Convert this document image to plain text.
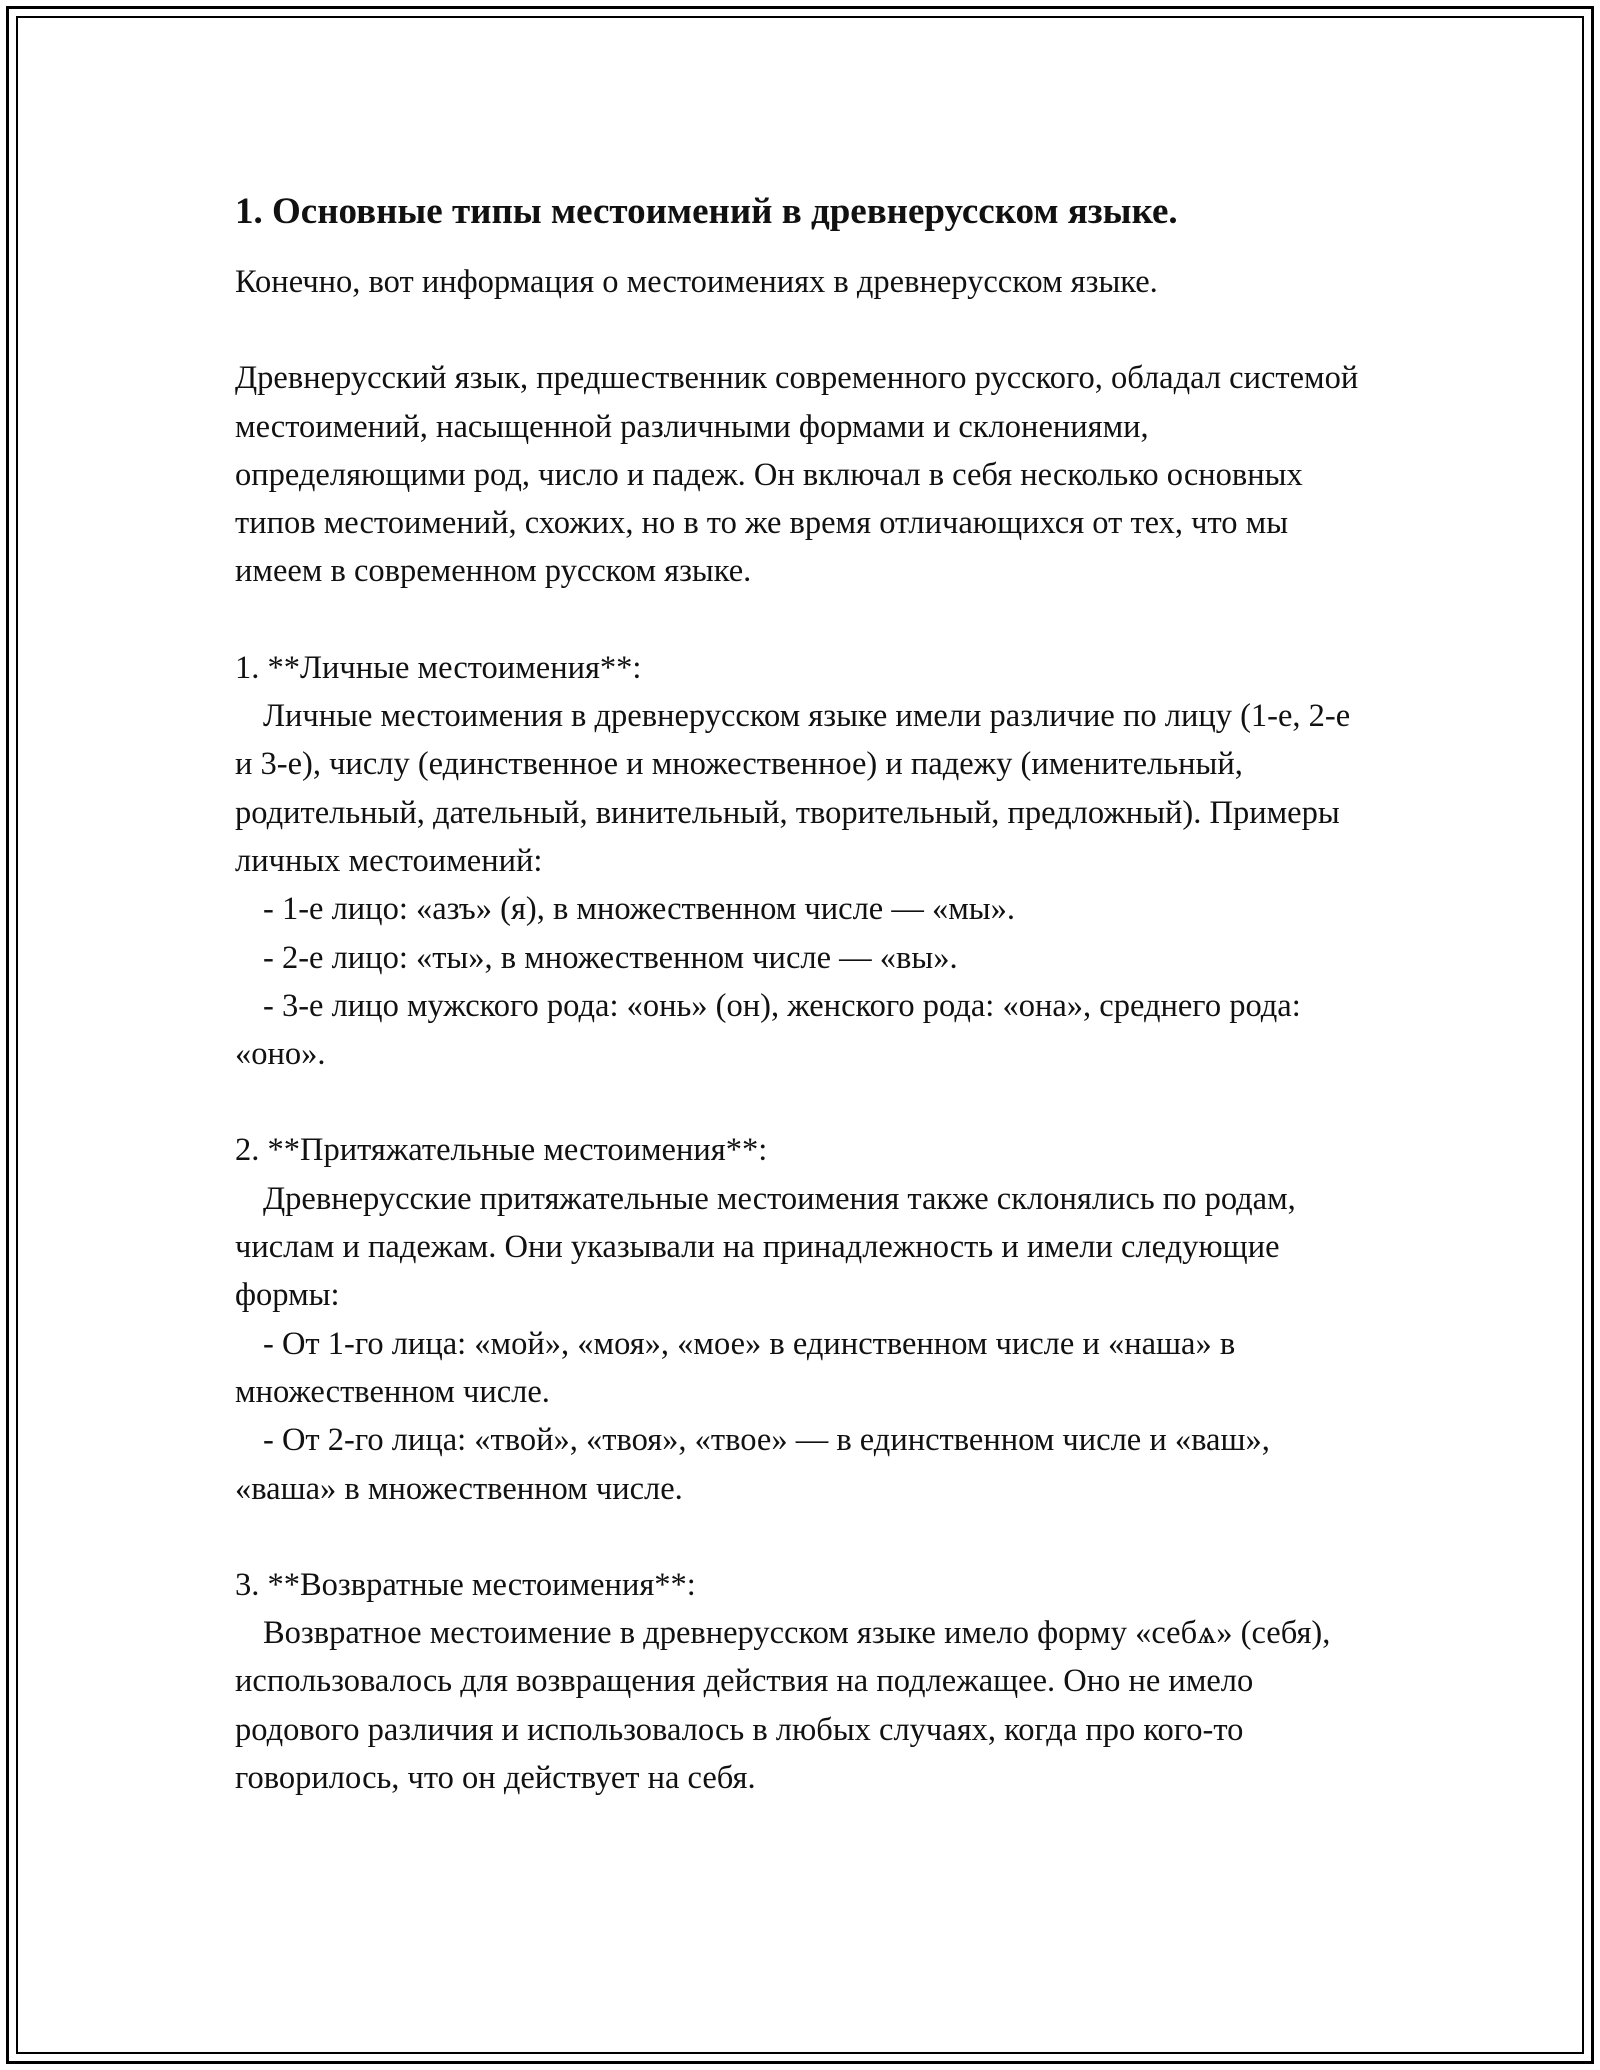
1. Основные типы местоимений в древнерусском языке.

Конечно, вот информация о местоимениях в древнерусском языке.

Древнерусский язык, предшественник современного русского, обладал системой местоимений, насыщенной различными формами и склонениями, определяющими род, число и падеж. Он включал в себя несколько основных типов местоимений, схожих, но в то же время отличающихся от тех, что мы имеем в современном русском языке.

1. **Личные местоимения**:
Личные местоимения в древнерусском языке имели различие по лицу (1-е, 2-е и 3-е), числу (единственное и множественное) и падежу (именительный, родительный, дательный, винительный, творительный, предложный). Примеры личных местоимений:
- 1-е лицо: «азъ» (я), в множественном числе — «мы».
- 2-е лицо: «ты», в множественном числе — «вы».
- 3-е лицо мужского рода: «онь» (он), женского рода: «она», среднего рода: «оно».
2. **Притяжательные местоимения**:
Древнерусские притяжательные местоимения также склонялись по родам, числам и падежам. Они указывали на принадлежность и имели следующие формы:
- От 1-го лица: «мой», «моя», «мое» в единственном числе и «наша» в множественном числе.
- От 2-го лица: «твой», «твоя», «твое» — в единственном числе и «ваш», «ваша» в множественном числе.
3. **Возвратные местоимения**:
Возвратное местоимение в древнерусском языке имело форму «себѧ» (себя), использовалось для возвращения действия на подлежащее. Оно не имело родового различия и использовалось в любых случаях, когда про кого-то говорилось, что он действует на себя.
